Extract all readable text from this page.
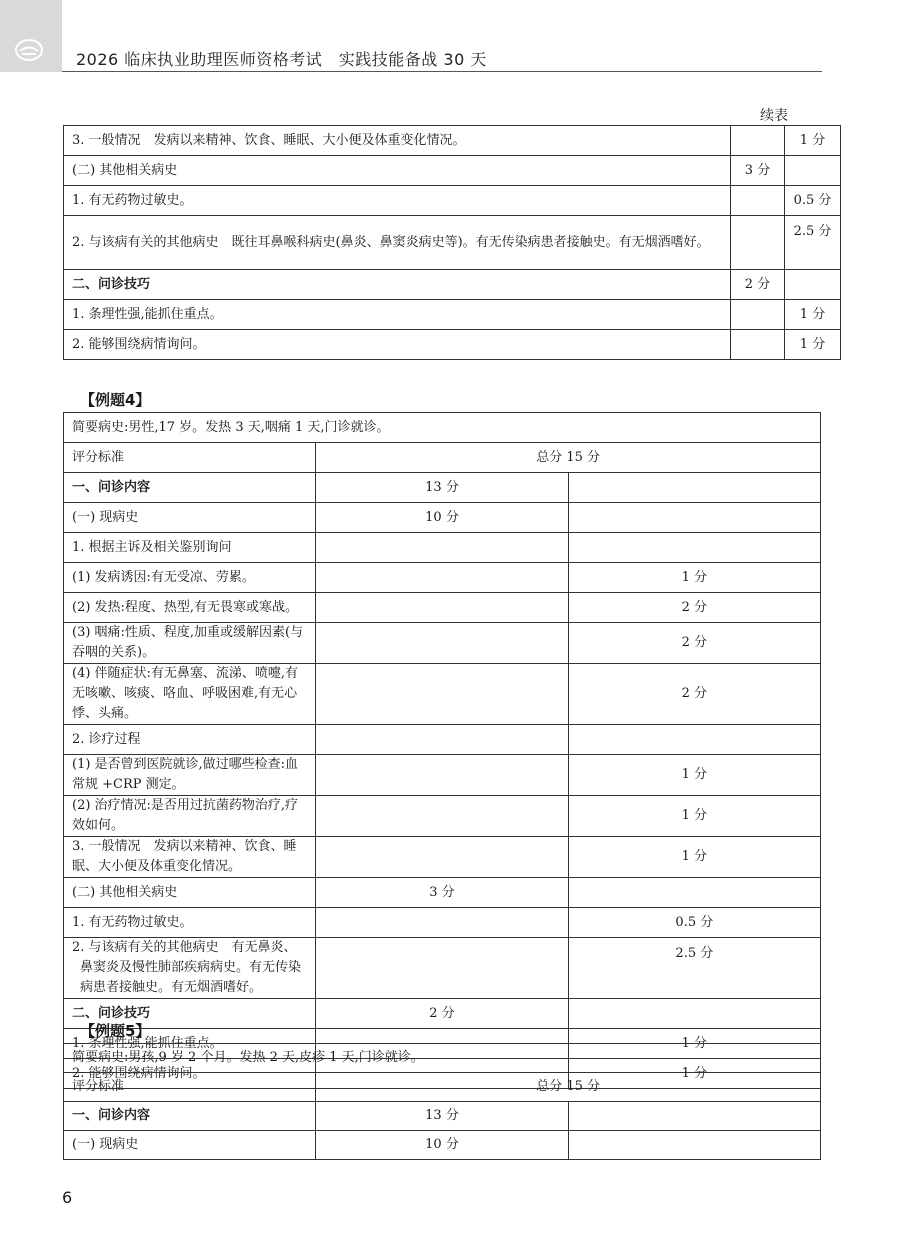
2026 临床执业助理医师资格考试　实践技能备战 30 天
续表
3. 一般情况　发病以来精神、饮食、睡眠、大小便及体重变化情况。		1 分
(二) 其他相关病史	3 分	
1. 有无药物过敏史。		0.5 分
2. 与该病有关的其他病史　既往耳鼻喉科病史(鼻炎、鼻窦炎病史等)。有无传染病患者接触史。有无烟酒嗜好。		2.5 分
二、问诊技巧	2 分	
1. 条理性强,能抓住重点。		1 分
2. 能够围绕病情询问。		1 分
【例题4】
简要病史:男性,17 岁。发热 3 天,咽痛 1 天,门诊就诊。		
评分标准	总分 15 分	
一、问诊内容	13 分	
(一) 现病史	10 分	
1. 根据主诉及相关鉴别询问		
(1) 发病诱因:有无受凉、劳累。		1 分
(2) 发热:程度、热型,有无畏寒或寒战。		2 分
(3) 咽痛:性质、程度,加重或缓解因素(与吞咽的关系)。		2 分
(4) 伴随症状:有无鼻塞、流涕、喷嚏,有无咳嗽、咳痰、咯血、呼吸困难,有无心悸、头痛。		2 分
2. 诊疗过程		
(1) 是否曾到医院就诊,做过哪些检查:血常规 +CRP 测定。		1 分
(2) 治疗情况:是否用过抗菌药物治疗,疗效如何。		1 分
3. 一般情况　发病以来精神、饮食、睡眠、大小便及体重变化情况。		1 分
(二) 其他相关病史	3 分	
1. 有无药物过敏史。		0.5 分
2. 与该病有关的其他病史　有无鼻炎、鼻窦炎及慢性肺部疾病病史。有无传染病患者接触史。有无烟酒嗜好。		2.5 分
二、问诊技巧	2 分	
1. 条理性强,能抓住重点。		1 分
2. 能够围绕病情询问。		1 分
【例题5】
简要病史:男孩,9 岁 2 个月。发热 2 天,皮疹 1 天,门诊就诊。		
评分标准	总分 15 分	
一、问诊内容	13 分	
(一) 现病史	10 分	
6
